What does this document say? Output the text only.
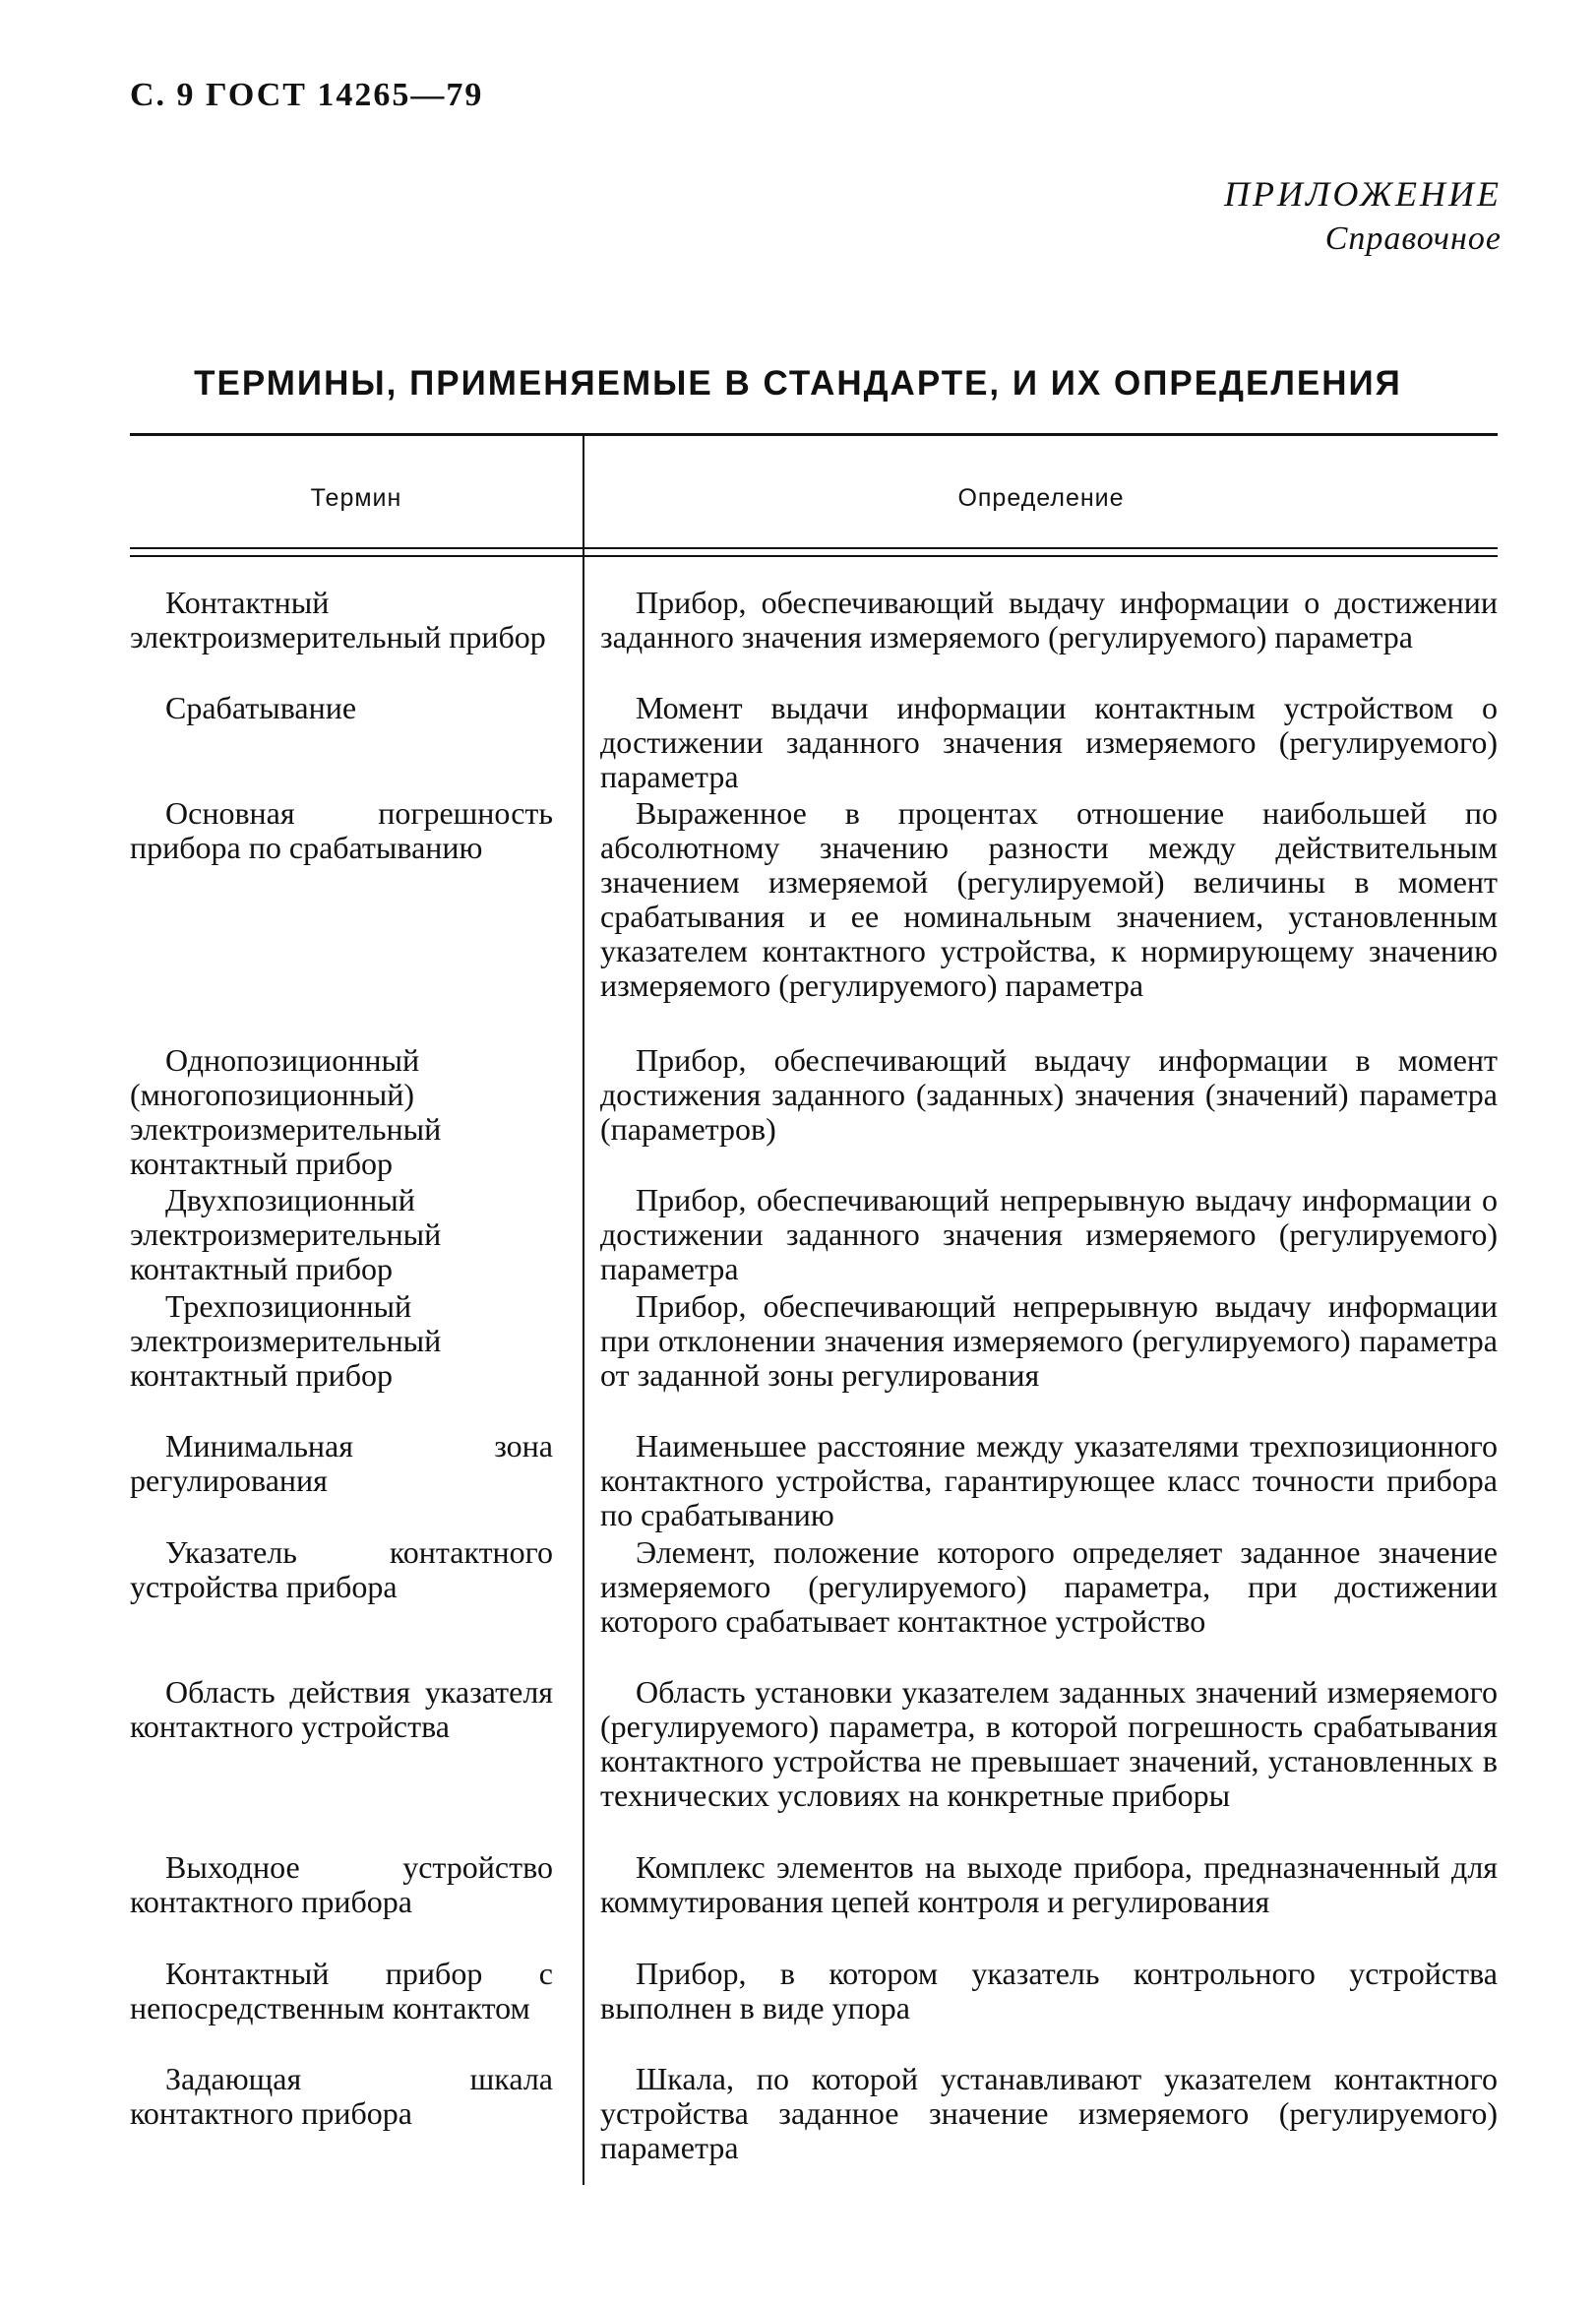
С. 9 ГОСТ 14265—79
ПРИЛОЖЕНИЕ
Справочное
ТЕРМИНЫ, ПРИМЕНЯЕМЫЕ В СТАНДАРТЕ, И ИХ ОПРЕДЕЛЕНИЯ
Термин	Определение
Контактный электроизмерительный прибор
Прибор, обеспечивающий выдачу информации о достижении заданного значения измеряемого (регулируемого) параметра
Срабатывание	Момент выдачи информации контактным устройством о достижении заданного значения измеряемого (регулируемого) параметра
Основная погрешность прибора по срабатыванию
Выраженное в процентах отношение наибольшей по абсолютному значению разности между действительным значением измеряемой (регулируемой) величины в момент срабатывания и ее номинальным значением, установленным указателем контактного устройства, к нормирующему значению измеряемого (регулируемого) параметра
Однопозиционный (многопозиционный) электроизмерительный контактный прибор
Прибор, обеспечивающий выдачу информации в момент достижения заданного (заданных) значения (значений) параметра (параметров)
Двухпозиционный электроизмерительный контактный прибор
Прибор, обеспечивающий непрерывную выдачу информации о достижении заданного значения измеряемого (регулируемого) параметра
Трехпозиционный электроизмерительный контактный прибор
Прибор, обеспечивающий непрерывную выдачу информации при отклонении значения измеряемого (регулируемого) параметра от заданной зоны регулирования
Минимальная зона регулирования
Наименьшее расстояние между указателями трехпозиционного контактного устройства, гарантирующее класс точности прибора по срабатыванию
Указатель контактного устройства прибора
Элемент, положение которого определяет заданное значение измеряемого (регулируемого) параметра, при достижении которого срабатывает контактное устройство
Область действия указателя контактного устройства
Область установки указателем заданных значений измеряемого (регулируемого) параметра, в которой погрешность срабатывания контактного устройства не превышает значений, установленных в технических условиях на конкретные приборы
Выходное устройство контактного прибора
Комплекс элементов на выходе прибора, предназначенный для коммутирования цепей контроля и регулирования
Контактный прибор с непосредственным контактом
Прибор, в котором указатель контрольного устройства выполнен в виде упора
Задающая шкала контактного прибора
Шкала, по которой устанавливают указателем контактного устройства заданное значение измеряемого (регулируемого) параметра
